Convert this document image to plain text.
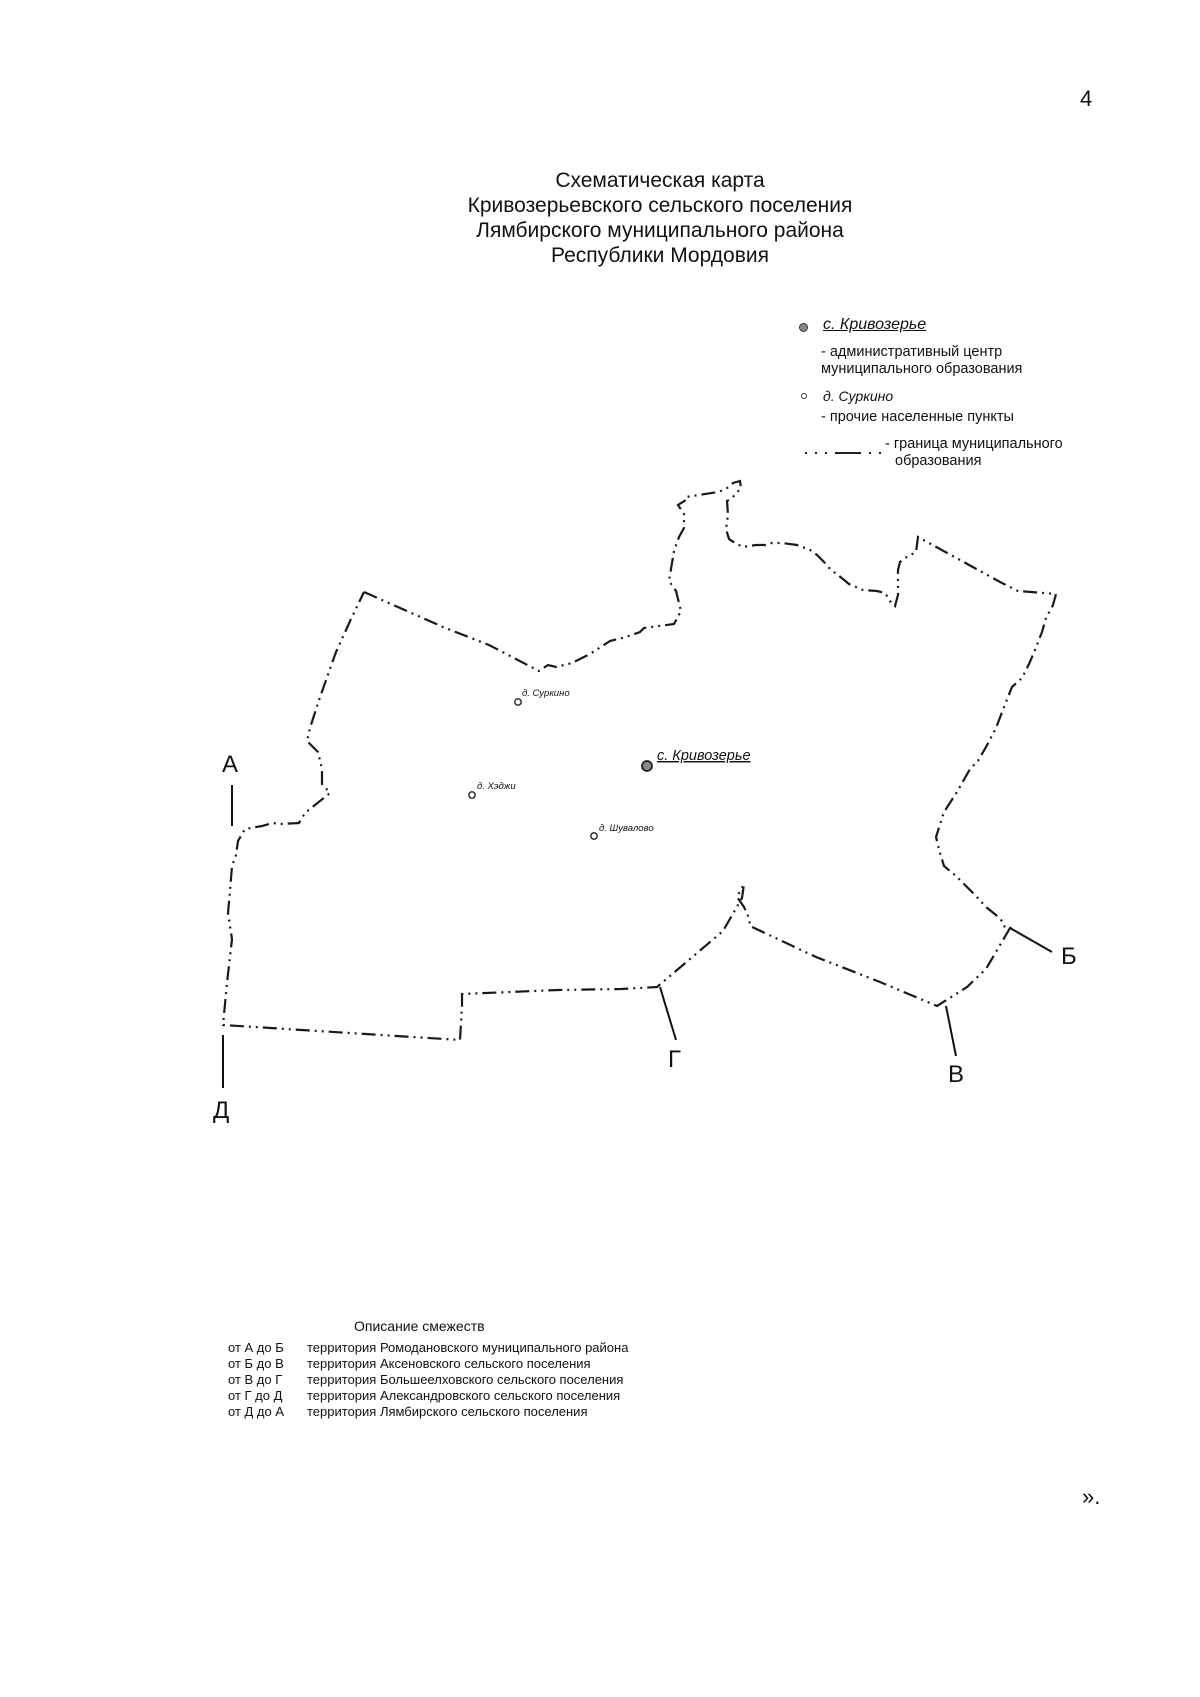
4
Схематическая карта
Кривозерьевского сельского поселения
Лямбирского муниципального района
Республики Мордовия
с. Кривозерье
- административный центр
муниципального образования
д. Суркино
- прочие населенные пункты
- граница муниципального
образования
А
Б
В
Г
Д
с. Кривозерье
д. Суркино
д. Хэджи
д. Шувалово
Описание смежеств
от А до Б	территория Ромодановского муниципального района
от Б до В	территория Аксеновского сельского поселения
от В до Г	территория Большеелховского сельского поселения
от Г до Д	территория Александровского сельского поселения
от Д до А	территория Лямбирского сельского поселения
».
